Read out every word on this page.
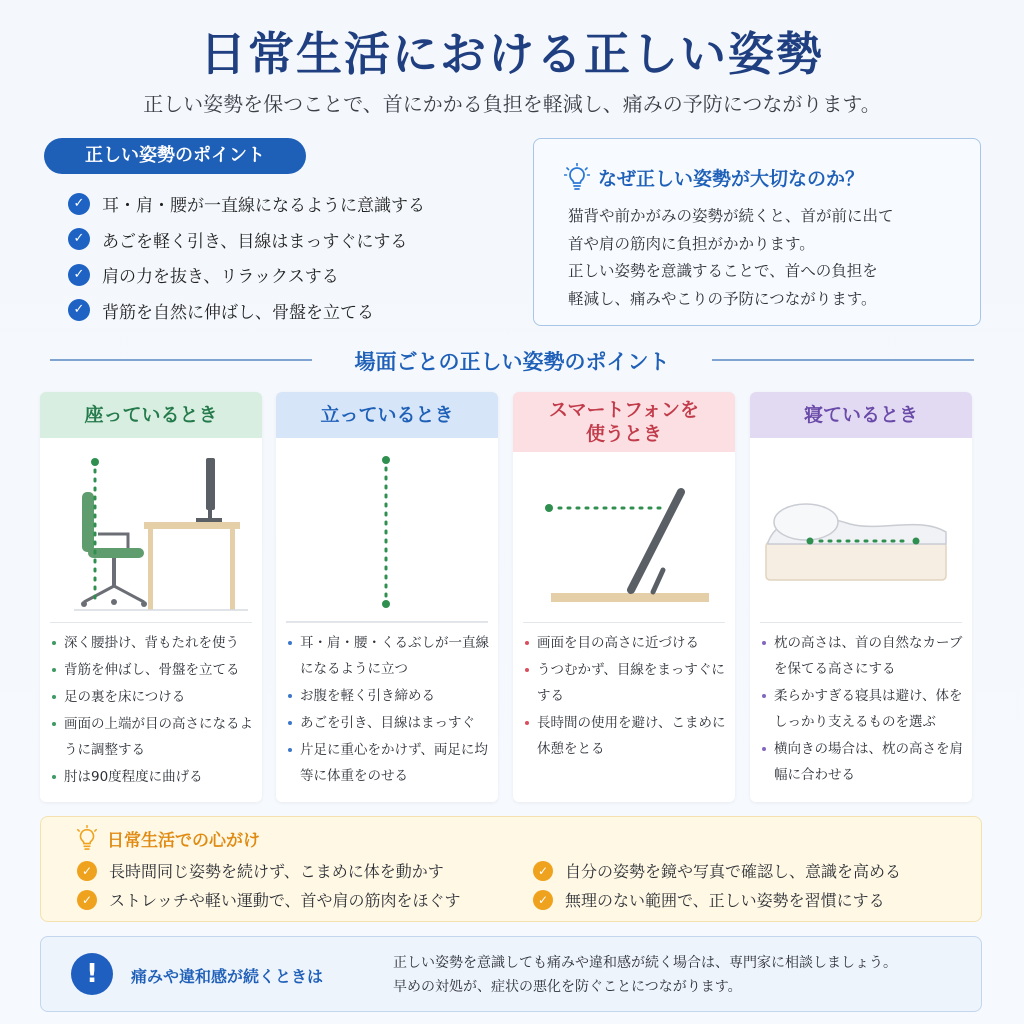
日常生活における正しい姿勢

正しい姿勢を保つことで、首にかかる負担を軽減し、痛みの予防につながります。

正しい姿勢のポイント
✓	耳・肩・腰が一直線になるように意識する
✓	あごを軽く引き、目線はまっすぐにする
✓	肩の力を抜き、リラックスする
✓	背筋を自然に伸ばし、骨盤を立てる
なぜ正しい姿勢が大切なのか？
猫背や前かがみの姿勢が続くと、首が前に出て
首や肩の筋肉に負担がかかります。
正しい姿勢を意識することで、首への負担を
軽減し、痛みやこりの予防につながります。
場面ごとの正しい姿勢のポイント
座っているとき
深く腰掛け、背もたれを使う
背筋を伸ばし、骨盤を立てる
足の裏を床につける
画面の上端が目の高さになるように調整する
肘は90度程度に曲げる
立っているとき
耳・肩・腰・くるぶしが一直線になるように立つ
お腹を軽く引き締める
あごを引き、目線はまっすぐ
片足に重心をかけず、両足に均等に体重をのせる
スマートフォンを
使うとき
画面を目の高さに近づける
うつむかず、目線をまっすぐにする
長時間の使用を避け、こまめに休憩をとる
寝ているとき
枕の高さは、首の自然なカーブを保てる高さにする
柔らかすぎる寝具は避け、体をしっかり支えるものを選ぶ
横向きの場合は、枕の高さを肩幅に合わせる
日常生活での心がけ
✓	長時間同じ姿勢を続けず、こまめに体を動かす	✓	自分の姿勢を鏡や写真で確認し、意識を高める
✓	ストレッチや軽い運動で、首や肩の筋肉をほぐす	✓	無理のない範囲で、正しい姿勢を習慣にする
!	痛みや違和感が続くときは
正しい姿勢を意識しても痛みや違和感が続く場合は、専門家に相談しましょう。
早めの対処が、症状の悪化を防ぐことにつながります。
